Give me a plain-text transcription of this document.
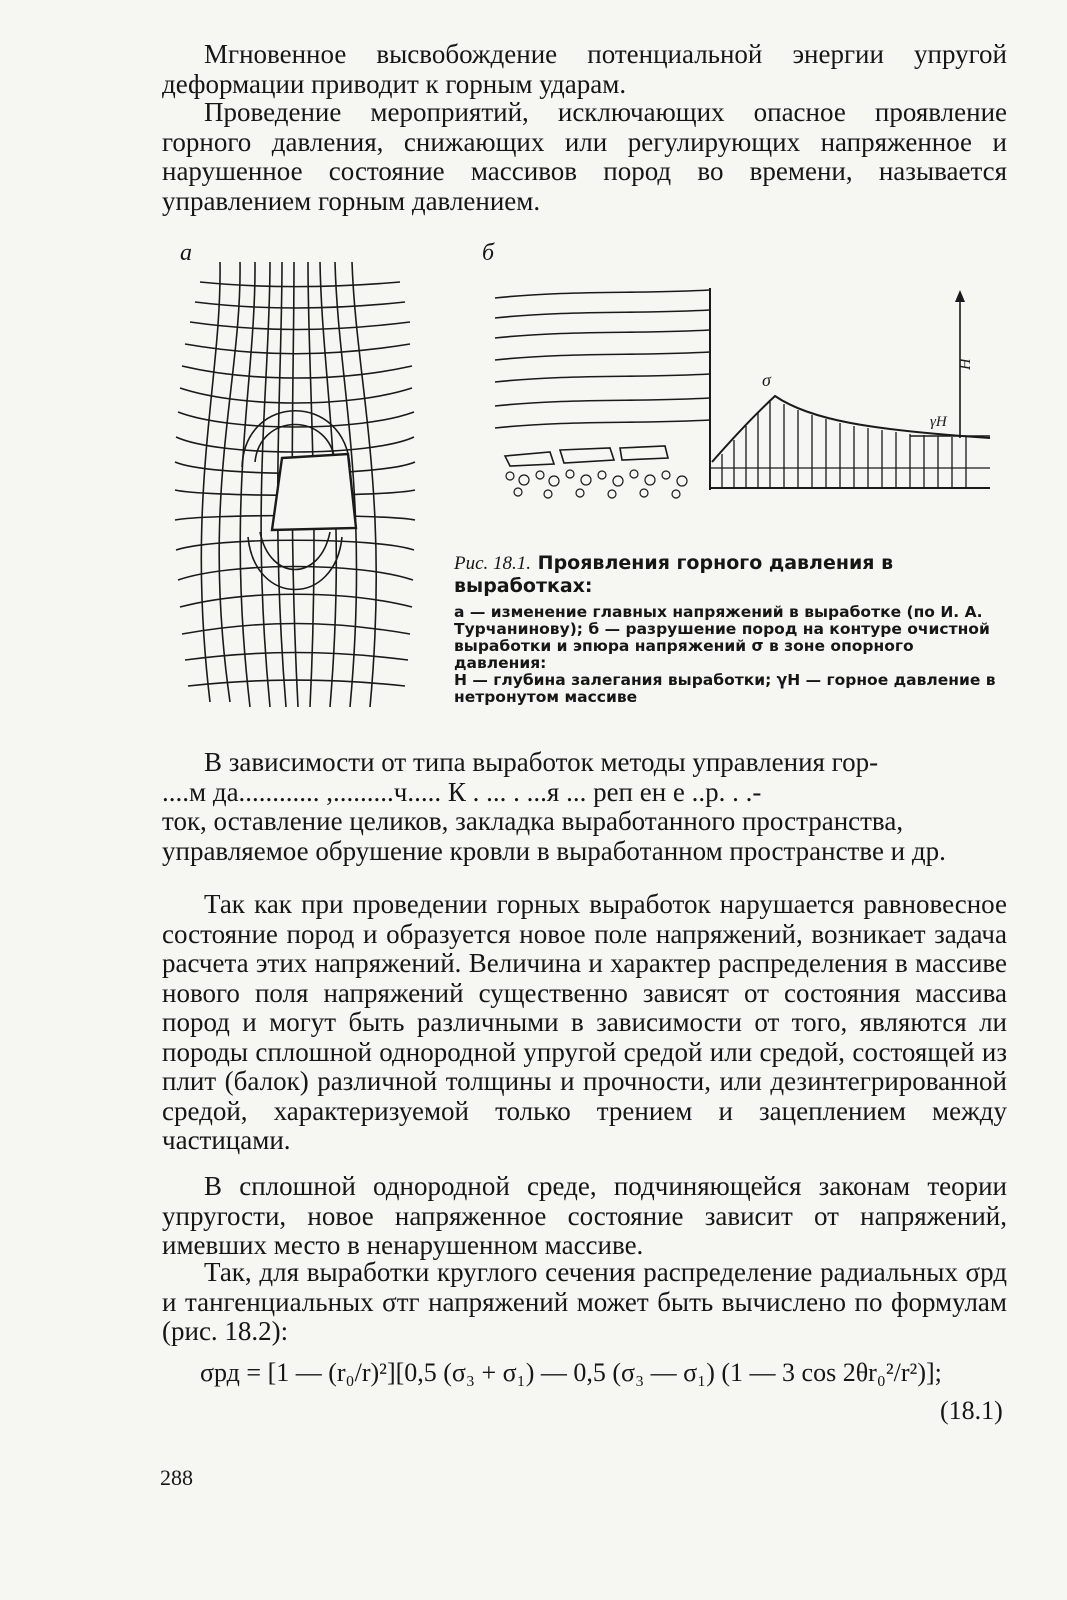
Мгновенное высвобождение потенциальной энергии упругой деформации приводит к горным ударам.

Проведение мероприятий, исключающих опасное проявление горного давления, снижающих или регулирующих напряженное и нарушенное состояние массивов пород во времени, называется управлением горным давлением.

а	б
σ
H
γH
Рис. 18.1. Проявления горного давления в выработках:
а — изменение главных напряжений в выработке (по И. А. Турчанинову); б — разрушение пород на контуре очистной выработки и эпюра напряжений σ в зоне опорного давления:
H — глубина залегания выработки; γH — горное давление в нетронутом массиве

В зависимости от типа выработок методы управления гор-
....м да............ ,.........ч..... К . ... . ...я ... реп ен е ..р. . .-
ток, оставление целиков, закладка выработанного пространства, управляемое обрушение кровли в выработанном пространстве и др.

Так как при проведении горных выработок нарушается равновесное состояние пород и образуется новое поле напряжений, возникает задача расчета этих напряжений. Величина и характер распределения в массиве нового поля напряжений существенно зависят от состояния массива пород и могут быть различными в зависимости от того, являются ли породы сплошной однородной упругой средой или средой, состоящей из плит (балок) различной толщины и прочности, или дезинтегрированной средой, характеризуемой только трением и зацеплением между частицами.

В сплошной однородной среде, подчиняющейся законам теории упругости, новое напряженное состояние зависит от напряжений, имевших место в ненарушенном массиве.

Так, для выработки круглого сечения распределение радиальных σрд и тангенциальных σтг напряжений может быть вычислено по формулам (рис. 18.2):

σрд = [1 — (r₀/r)²][0,5 (σ₃ + σ₁) — 0,5 (σ₃ — σ₁) (1 — 3 cos 2θr₀²/r²)];
(18.1)
288
